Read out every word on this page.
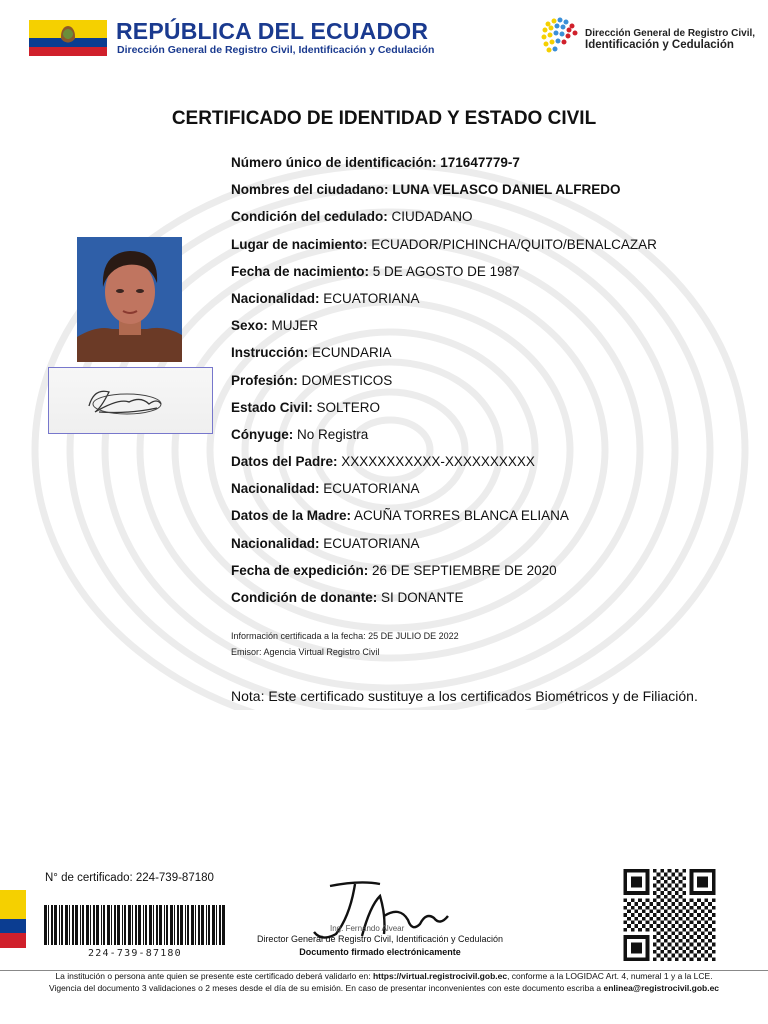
REPÚBLICA DEL ECUADOR
Dirección General de Registro Civil, Identificación y Cedulación
Dirección General de Registro Civil,
Identificación y Cedulación
CERTIFICADO DE IDENTIDAD Y ESTADO CIVIL
Número único de identificación: 171647779-7
Nombres del ciudadano: LUNA VELASCO DANIEL ALFREDO
Condición del cedulado: CIUDADANO
Lugar de nacimiento: ECUADOR/PICHINCHA/QUITO/BENALCAZAR
Fecha de nacimiento: 5 DE AGOSTO DE 1987
Nacionalidad: ECUATORIANA
Sexo: MUJER
Instrucción: ECUNDARIA
Profesión: DOMESTICOS
Estado Civil: SOLTERO
Cónyuge: No Registra
Datos del Padre: XXXXXXXXXXX-XXXXXXXXXX
Nacionalidad: ECUATORIANA
Datos de la Madre: ACUÑA TORRES BLANCA ELIANA
Nacionalidad: ECUATORIANA
Fecha de expedición: 26 DE SEPTIEMBRE DE 2020
Condición de donante: SI DONANTE
Información certificada a la fecha: 25 DE JULIO DE 2022
Emisor: Agencia Virtual Registro Civil
Nota: Este certificado sustituye a los certificados Biométricos y de Filiación.
N° de certificado: 224-739-87180
224-739-87180
Ing. Fernando Alvear
Director General de Registro Civil, Identificación y Cedulación
Documento firmado electrónicamente
La institución o persona ante quien se presente este certificado deberá validarlo en: https://virtual.registrocivil.gob.ec, conforme a la LOGIDAC Art. 4, numeral 1 y a la LCE.
Vigencia del documento 3 validaciones o 2 meses desde el día de su emisión. En caso de presentar inconvenientes con este documento escriba a enlinea@registrocivil.gob.ec
